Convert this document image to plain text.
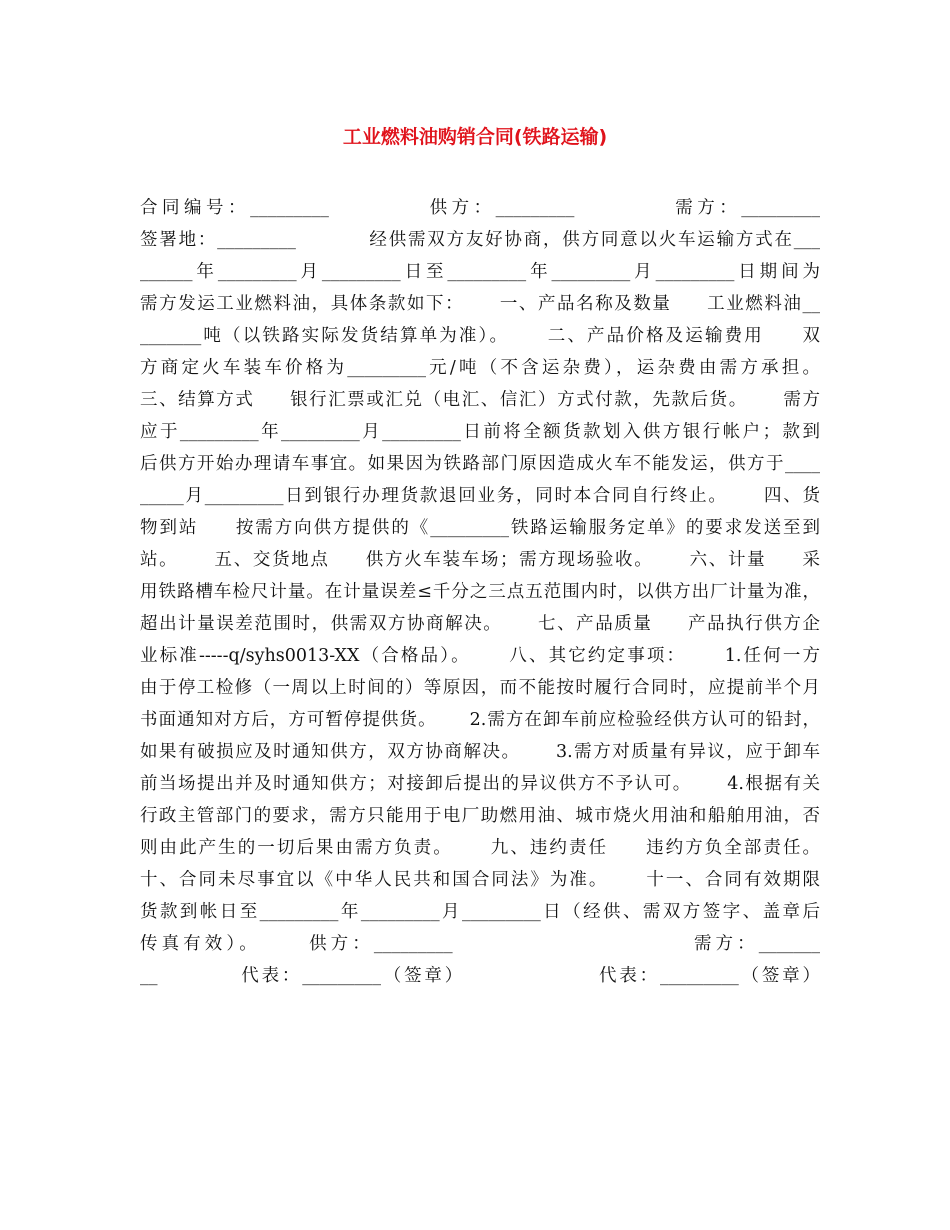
工业燃料油购销合同(铁路运输)
合同编号：_________          供方：_________          需方：_________
签署地：_________          经供需双方友好协商，供方同意以火车运输方式在___
______年_________月_________日至_________年_________月_________日期间为
需方发运工业燃料油，具体条款如下：     一、产品名称及数量     工业燃料油__
_______吨（以铁路实际发货结算单为准）。     二、产品价格及运输费用     双
方商定火车装车价格为_________元/吨（不含运杂费），运杂费由需方承担。
三、结算方式     银行汇票或汇兑（电汇、信汇）方式付款，先款后货。     需方
应于_________年_________月_________日前将全额货款划入供方银行帐户；款到
后供方开始办理请车事宜。如果因为铁路部门原因造成火车不能发运，供方于____
_____月_________日到银行办理货款退回业务，同时本合同自行终止。     四、货
物到站     按需方向供方提供的《_________铁路运输服务定单》的要求发送至到
站。     五、交货地点     供方火车装车场；需方现场验收。     六、计量     采
用铁路槽车检尺计量。在计量误差≤千分之三点五范围内时，以供方出厂计量为准，
超出计量误差范围时，供需双方协商解决。     七、产品质量     产品执行供方企
业标准-----q/syhs0013-XX（合格品）。     八、其它约定事项：     1.任何一方
由于停工检修（一周以上时间的）等原因，而不能按时履行合同时，应提前半个月
书面通知对方后，方可暂停提供货。     2.需方在卸车前应检验经供方认可的铅封，
如果有破损应及时通知供方，双方协商解决。     3.需方对质量有异议，应于卸车
前当场提出并及时通知供方；对接卸后提出的异议供方不予认可。     4.根据有关
行政主管部门的要求，需方只能用于电厂助燃用油、城市烧火用油和船舶用油，否
则由此产生的一切后果由需方负责。     九、违约责任     违约方负全部责任。
十、合同未尽事宜以《中华人民共和国合同法》为准。     十一、合同有效期限
货款到帐日至_________年_________月_________日（经供、需双方签字、盖章后
传真有效）。     供方：_________                         需方：_______
__          代表：_________（签章）                代表：_________（签章）
